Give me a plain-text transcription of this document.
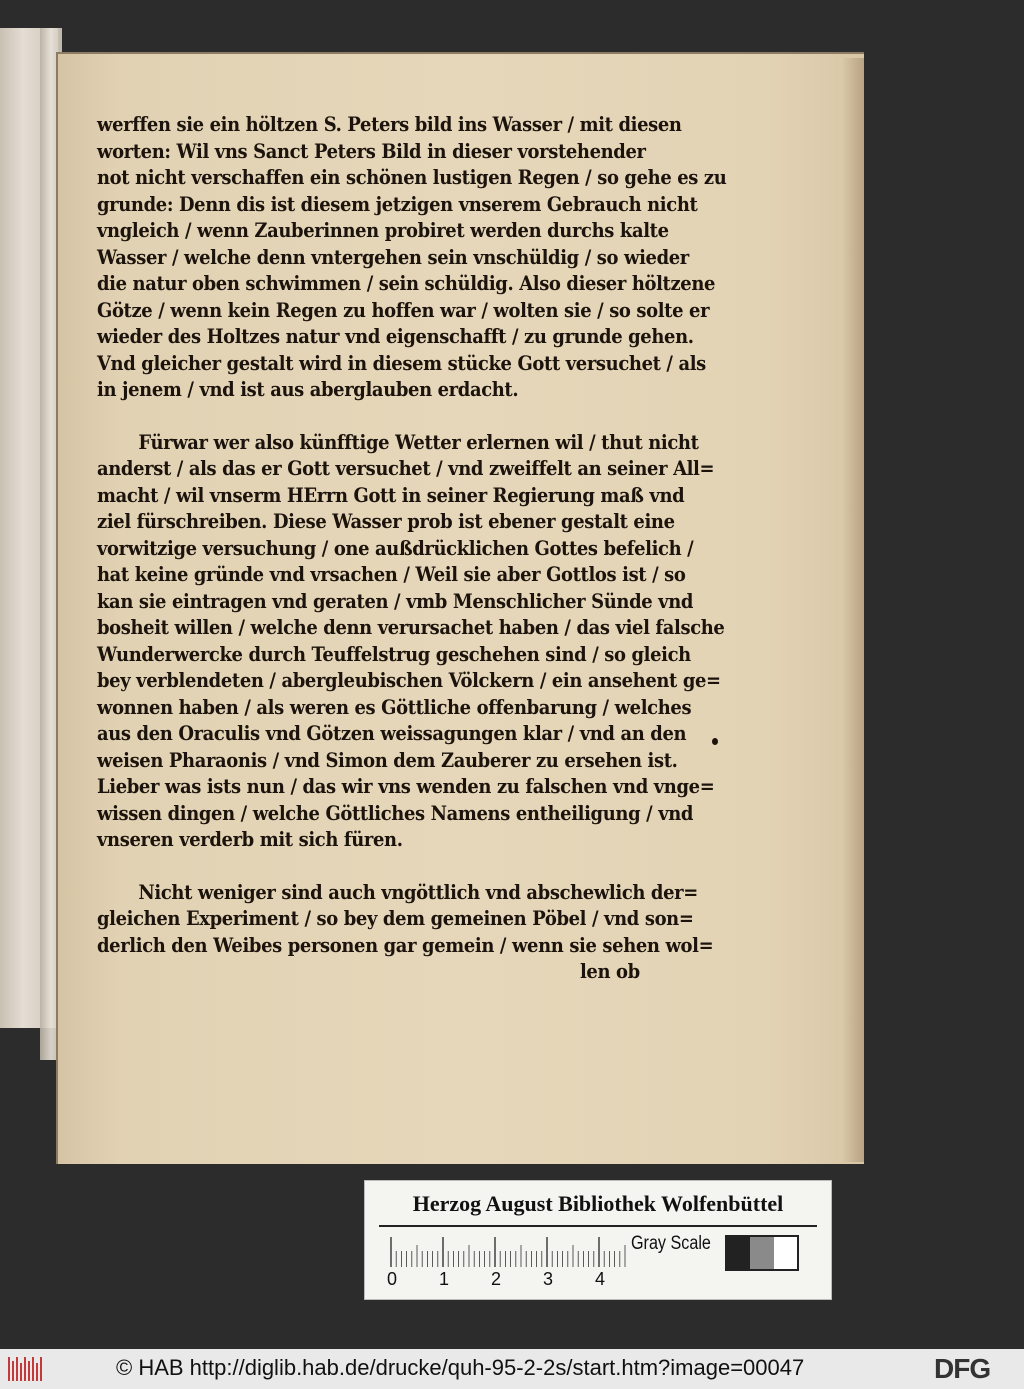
werffen sie ein höltzen S. Peters bild ins Wasser / mit diesen
worten: Wil vns Sanct Peters Bild in dieser vorstehender
not nicht verschaffen ein schönen lustigen Regen / so gehe es zu
grunde: Denn dis ist diesem jetzigen vnserem Gebrauch nicht
vngleich / wenn Zauberinnen probiret werden durchs kalte
Wasser / welche denn vntergehen sein vnschüldig / so wieder
die natur oben schwimmen / sein schüldig. Also dieser höltzene
Götze / wenn kein Regen zu hoffen war / wolten sie / so solte er
wieder des Holtzes natur vnd eigenschafft / zu grunde gehen.
Vnd gleicher gestalt wird in diesem stücke Gott versuchet / als
in jenem / vnd ist aus aberglauben erdacht.
Fürwar wer also künfftige Wetter erlernen wil / thut nicht
anderst / als das er Gott versuchet / vnd zweiffelt an seiner All=
macht / wil vnserm HErrn Gott in seiner Regierung maß vnd
ziel fürschreiben. Diese Wasser prob ist ebener gestalt eine
vorwitzige versuchung / one außdrücklichen Gottes befelich /
hat keine gründe vnd vrsachen / Weil sie aber Gottlos ist / so
kan sie eintragen vnd geraten / vmb Menschlicher Sünde vnd
bosheit willen / welche denn verursachet haben / das viel falsche
Wunderwercke durch Teuffelstrug geschehen sind / so gleich
bey verblendeten / abergleubischen Völckern / ein ansehent ge=
wonnen haben / als weren es Göttliche offenbarung / welches
aus den Oraculis vnd Götzen weissagungen klar / vnd an den
weisen Pharaonis / vnd Simon dem Zauberer zu ersehen ist.
Lieber was ists nun / das wir vns wenden zu falschen vnd vnge=
wissen dingen / welche Göttliches Namens entheiligung / vnd
vnseren verderb mit sich füren.
Nicht weniger sind auch vngöttlich vnd abschewlich der=
gleichen Experiment / so bey dem gemeinen Pöbel / vnd son=
derlich den Weibes personen gar gemein / wenn sie sehen wol=
len ob
Herzog August Bibliothek Wolfenbüttel
0 1 2 3 4
Gray Scale
© HAB http://diglib.hab.de/drucke/quh-95-2-2s/start.htm?image=00047	DFG
